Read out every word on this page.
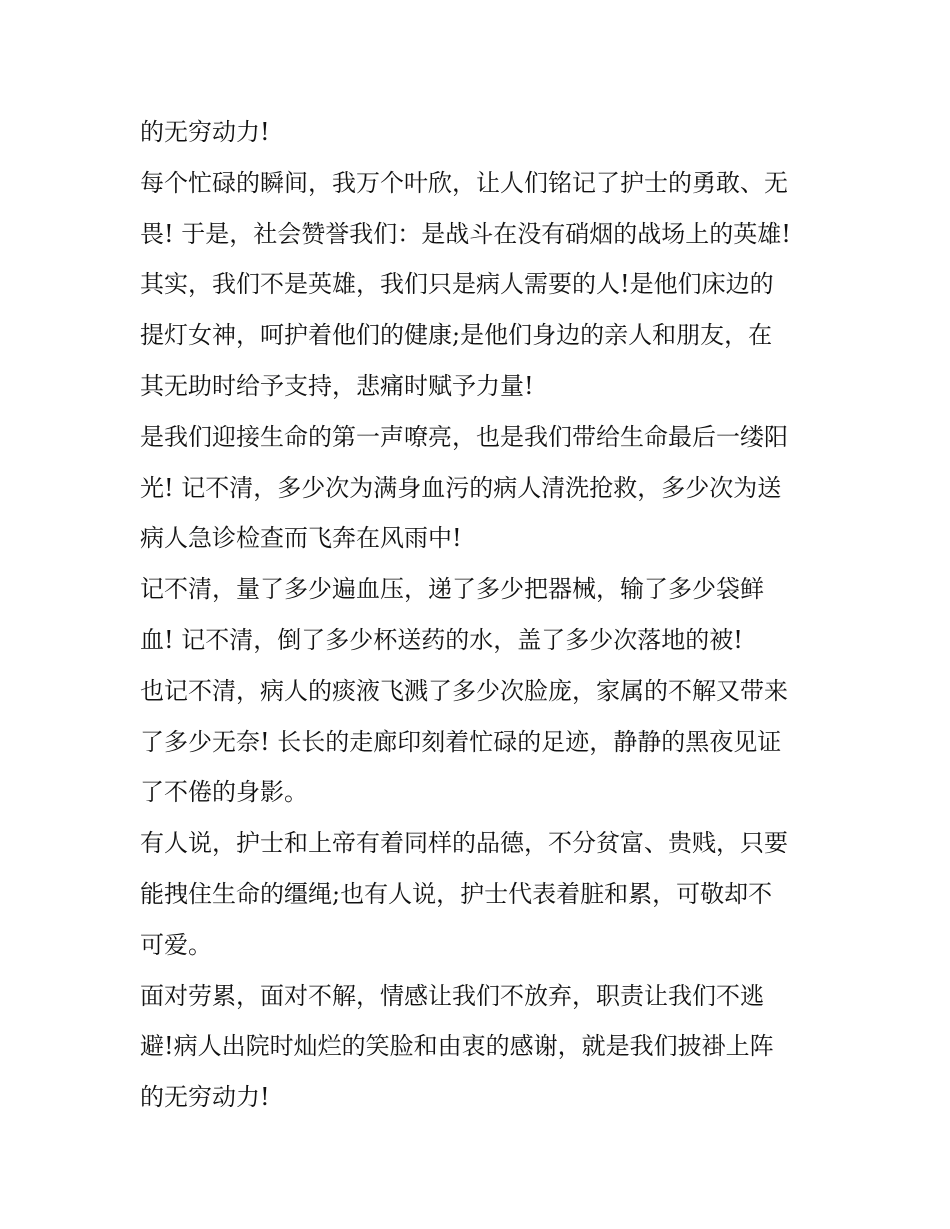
的无穷动力!
每个忙碌的瞬间，我万个叶欣，让人们铭记了护士的勇敢、无
畏! 于是，社会赞誉我们：是战斗在没有硝烟的战场上的英雄!
其实，我们不是英雄，我们只是病人需要的人!是他们床边的
提灯女神，呵护着他们的健康;是他们身边的亲人和朋友，在
其无助时给予支持，悲痛时赋予力量!
是我们迎接生命的第一声嘹亮，也是我们带给生命最后一缕阳
光! 记不清，多少次为满身血污的病人清洗抢救，多少次为送
病人急诊检查而飞奔在风雨中!
记不清，量了多少遍血压，递了多少把器械，输了多少袋鲜
血! 记不清，倒了多少杯送药的水，盖了多少次落地的被!
也记不清，病人的痰液飞溅了多少次脸庞，家属的不解又带来
了多少无奈! 长长的走廊印刻着忙碌的足迹，静静的黑夜见证
了不倦的身影。
有人说，护士和上帝有着同样的品德，不分贫富、贵贱，只要
能拽住生命的缰绳;也有人说，护士代表着脏和累，可敬却不
可爱。
面对劳累，面对不解，情感让我们不放弃，职责让我们不逃
避!病人出院时灿烂的笑脸和由衷的感谢，就是我们披褂上阵
的无穷动力!
